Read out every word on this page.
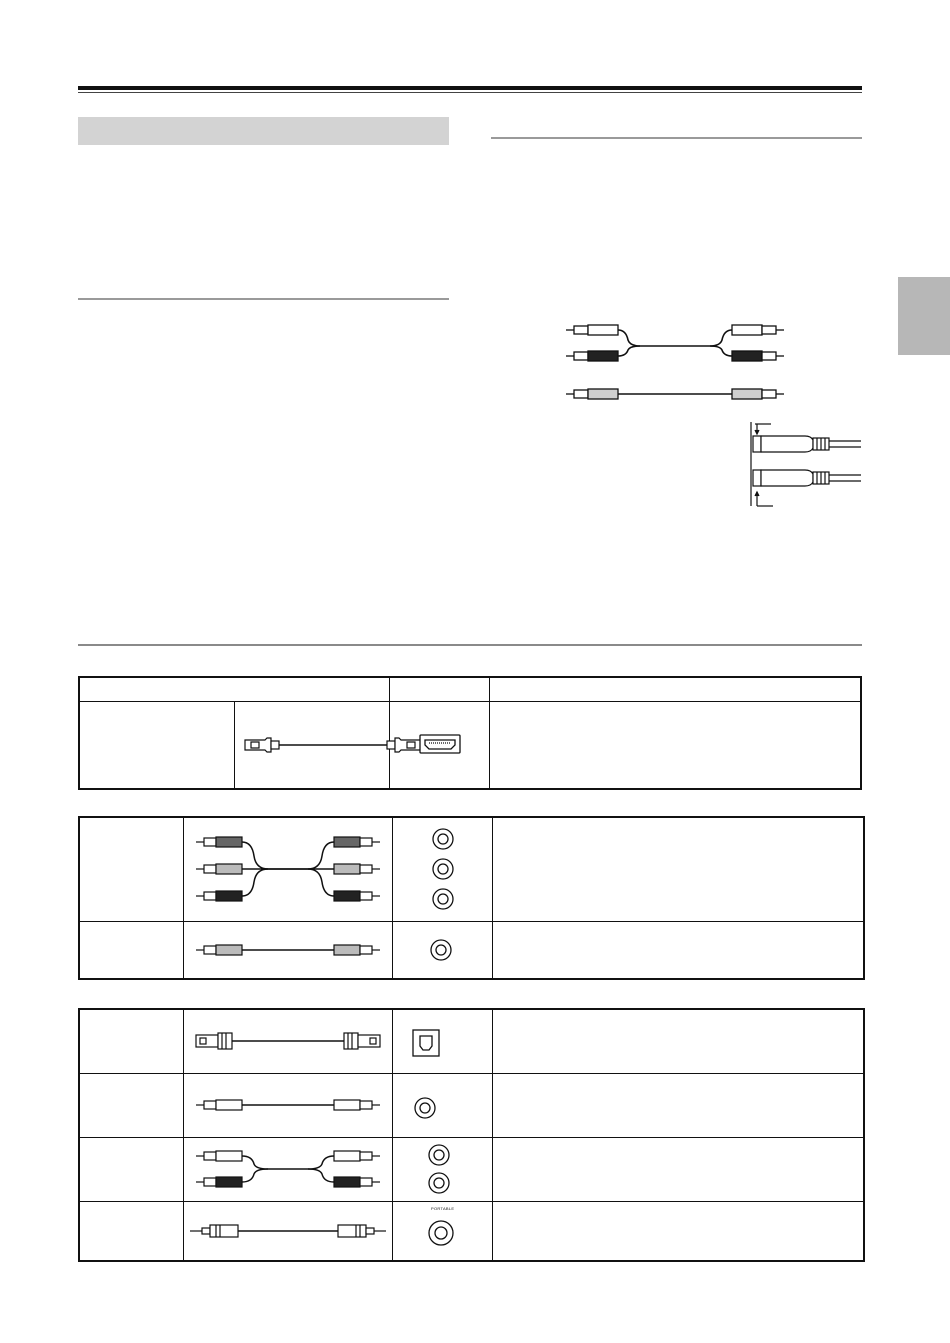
PORTABLE	
